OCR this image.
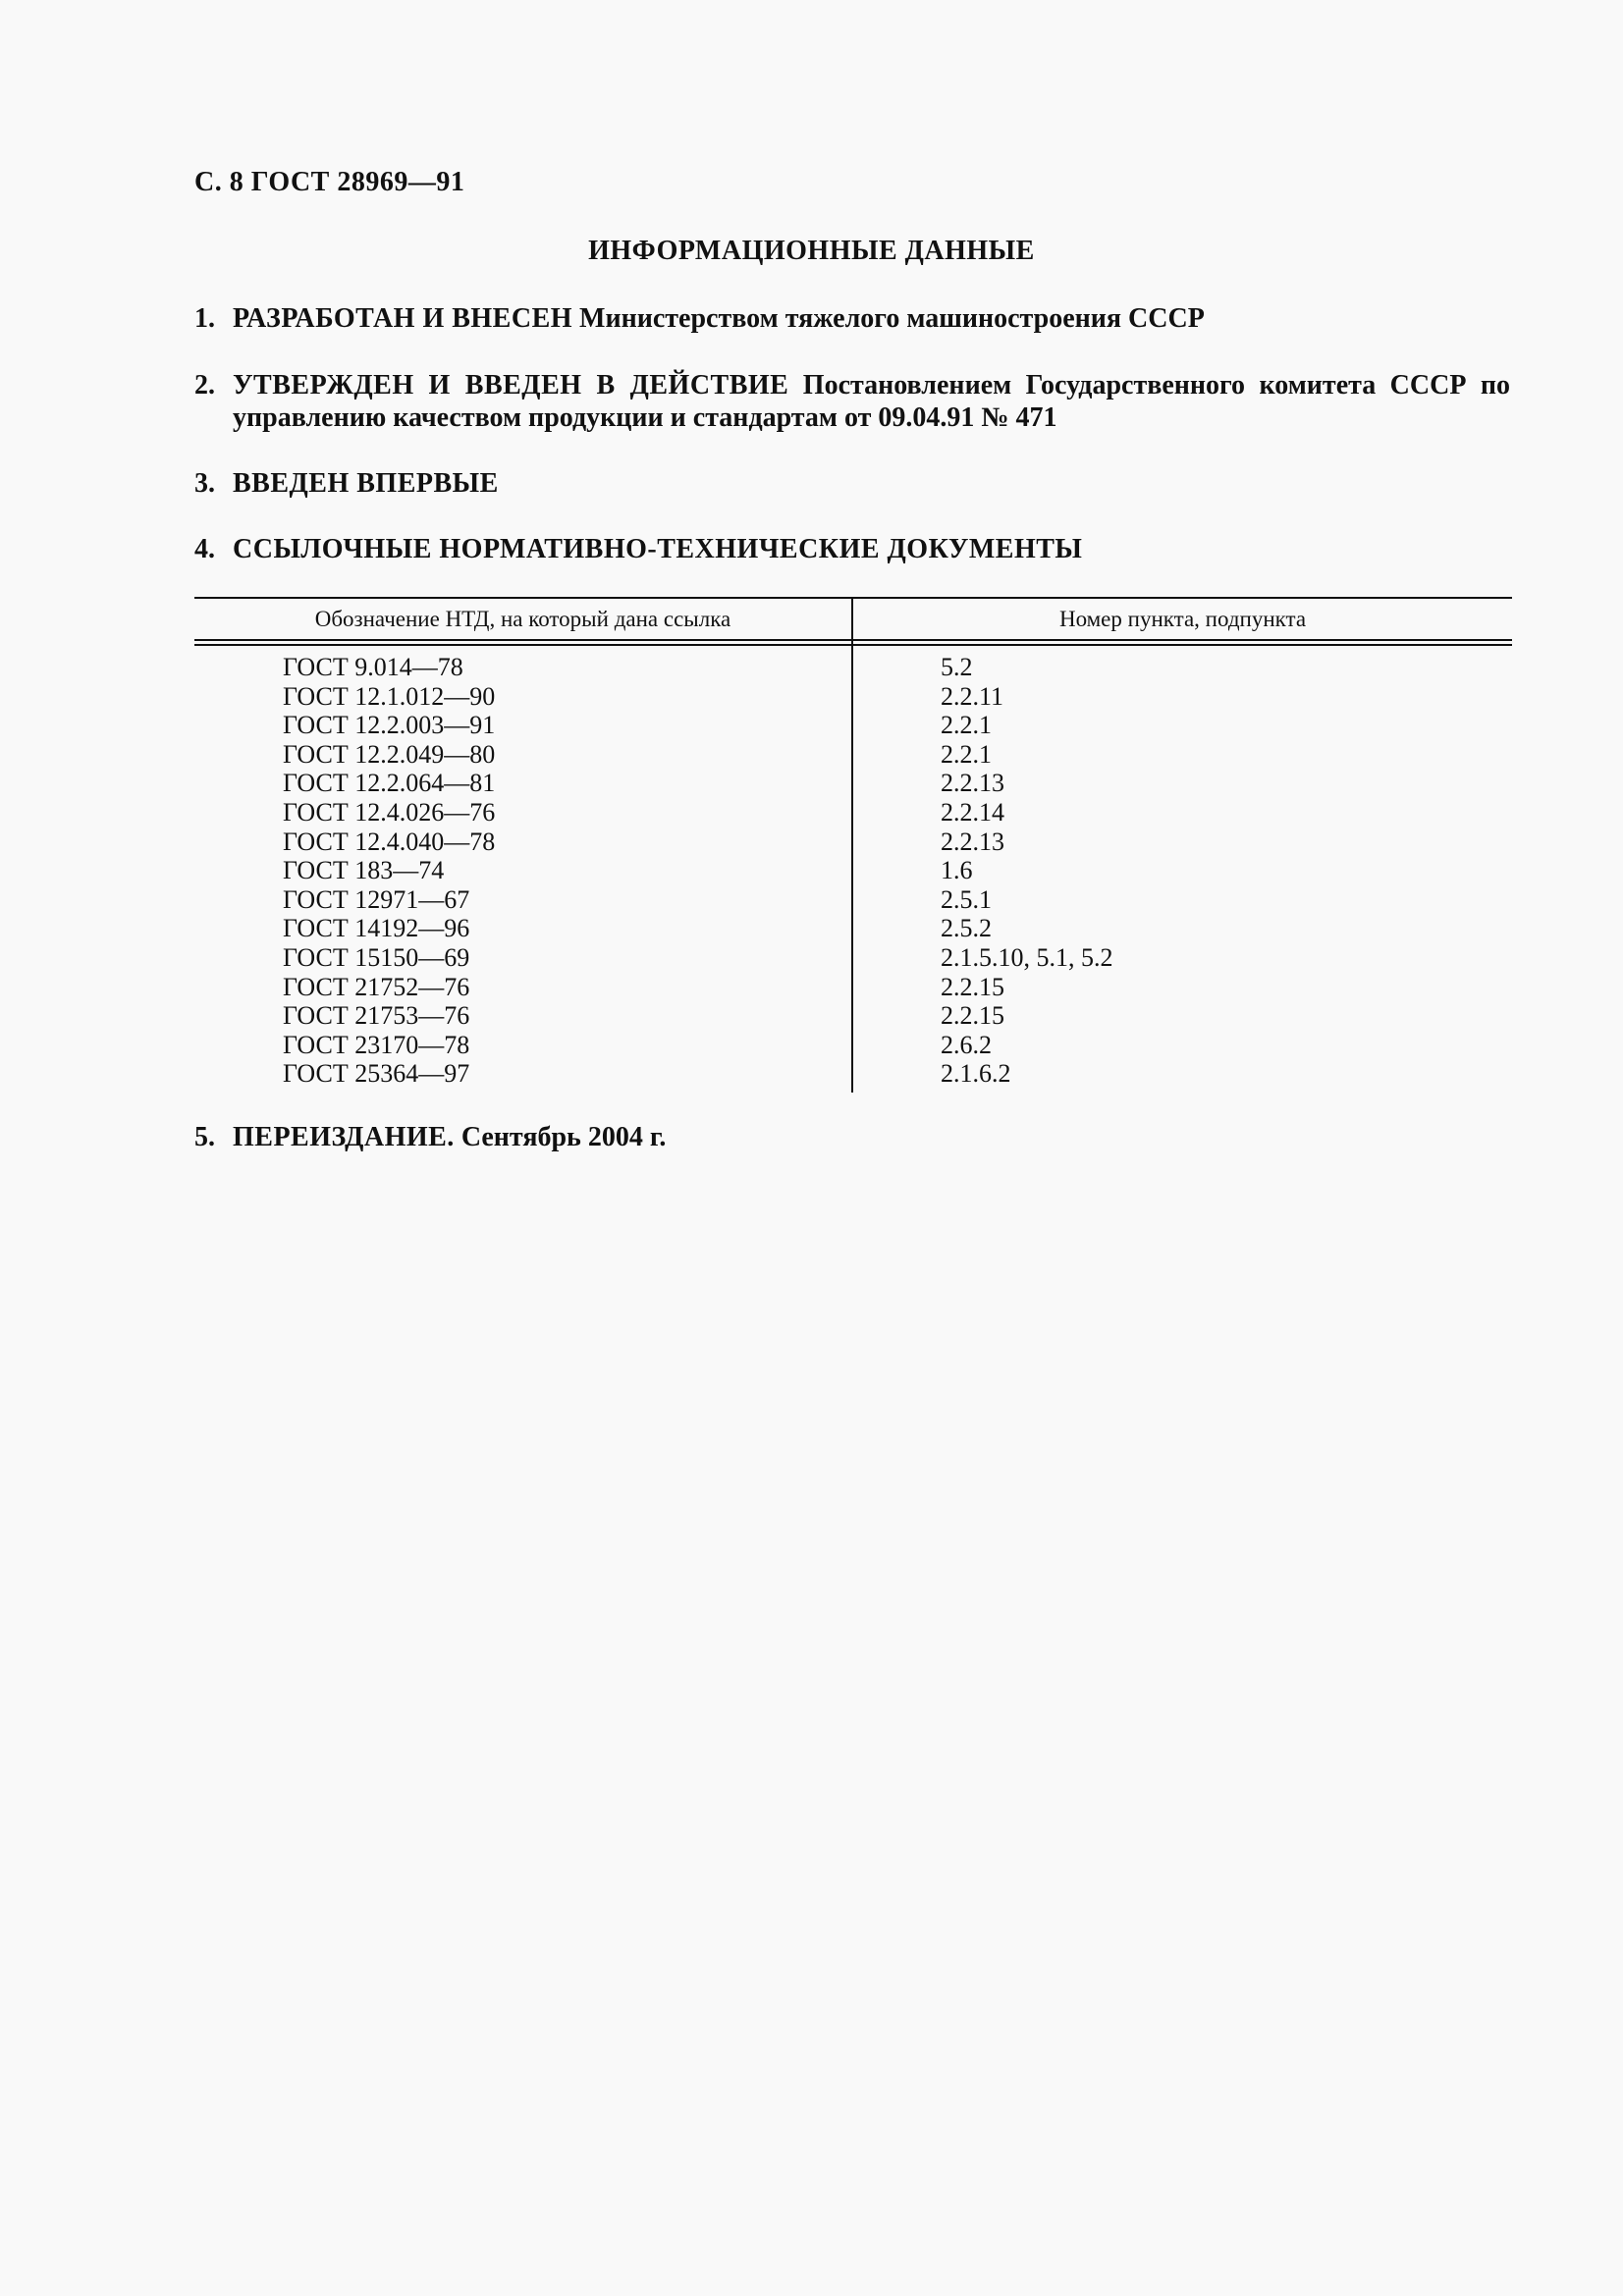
С. 8 ГОСТ 28969—91
ИНФОРМАЦИОННЫЕ ДАННЫЕ
1. РАЗРАБОТАН И ВНЕСЕН Министерством тяжелого машиностроения СССР
2. УТВЕРЖДЕН И ВВЕДЕН В ДЕЙСТВИЕ Постановлением Государственного комитета СССР по управлению качеством продукции и стандартам от 09.04.91 № 471
3. ВВЕДЕН ВПЕРВЫЕ
4. ССЫЛОЧНЫЕ НОРМАТИВНО-ТЕХНИЧЕСКИЕ ДОКУМЕНТЫ
Обозначение НТД, на который дана ссылка	Номер пункта, подпункта
ГОСТ 9.014—78	5.2
ГОСТ 12.1.012—90	2.2.11
ГОСТ 12.2.003—91	2.2.1
ГОСТ 12.2.049—80	2.2.1
ГОСТ 12.2.064—81	2.2.13
ГОСТ 12.4.026—76	2.2.14
ГОСТ 12.4.040—78	2.2.13
ГОСТ 183—74	1.6
ГОСТ 12971—67	2.5.1
ГОСТ 14192—96	2.5.2
ГОСТ 15150—69	2.1.5.10, 5.1, 5.2
ГОСТ 21752—76	2.2.15
ГОСТ 21753—76	2.2.15
ГОСТ 23170—78	2.6.2
ГОСТ 25364—97	2.1.6.2
5. ПЕРЕИЗДАНИЕ. Сентябрь 2004 г.
